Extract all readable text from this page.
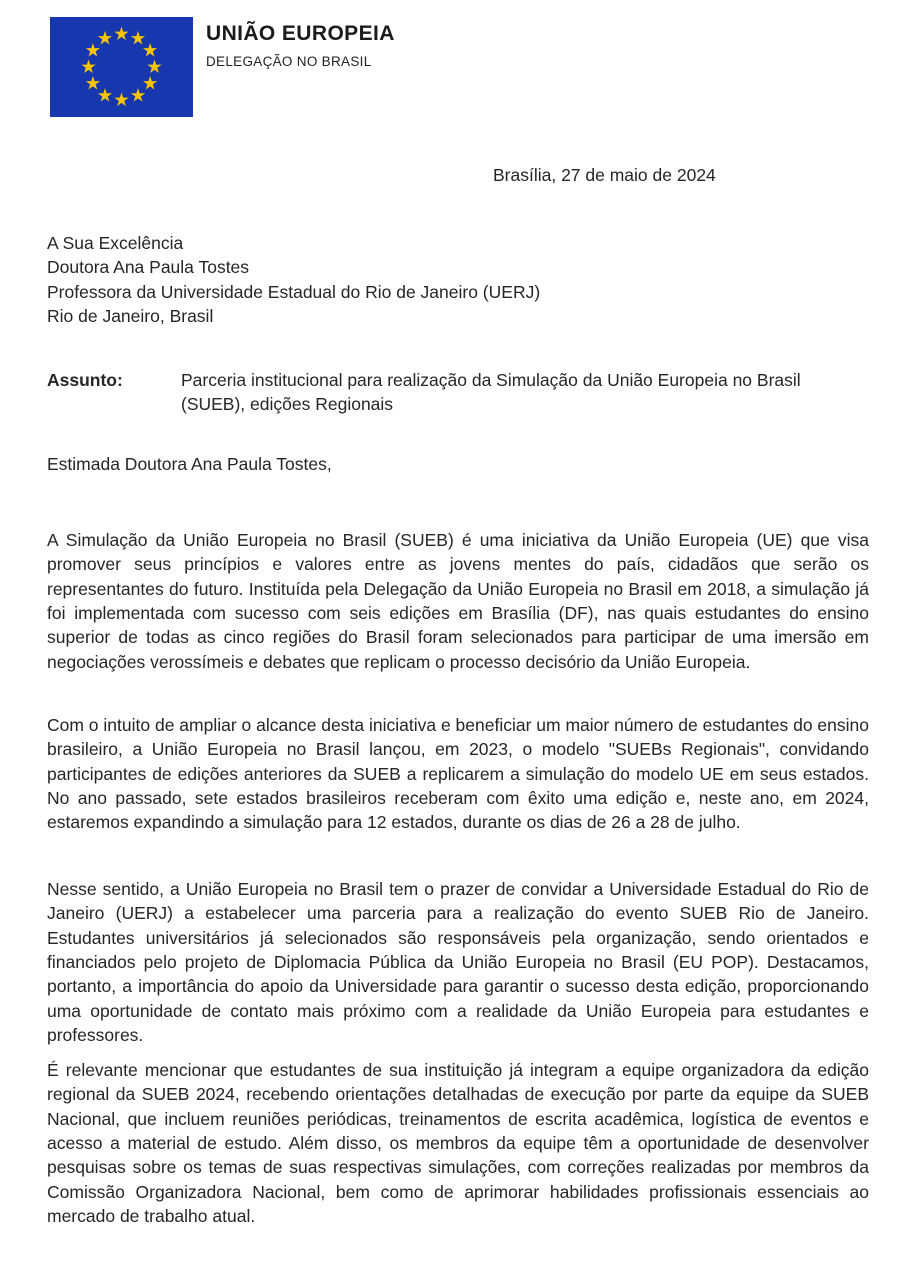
UNIÃO EUROPEIA
DELEGAÇÃO NO BRASIL
Brasília, 27 de maio de 2024
A Sua Excelência
Doutora Ana Paula Tostes
Professora da Universidade Estadual do Rio de Janeiro (UERJ)
Rio de Janeiro, Brasil
Assunto:	Parceria institucional para realização da Simulação da União Europeia no Brasil (SUEB), edições Regionais
Estimada Doutora Ana Paula Tostes,

A Simulação da União Europeia no Brasil (SUEB) é uma iniciativa da União Europeia (UE) que visa promover seus princípios e valores entre as jovens mentes do país, cidadãos que serão os representantes do futuro. Instituída pela Delegação da União Europeia no Brasil em 2018, a simulação já foi implementada com sucesso com seis edições em Brasília (DF), nas quais estudantes do ensino superior de todas as cinco regiões do Brasil foram selecionados para participar de uma imersão em negociações verossímeis e debates que replicam o processo decisório da União Europeia.

Com o intuito de ampliar o alcance desta iniciativa e beneficiar um maior número de estudantes do ensino brasileiro, a União Europeia no Brasil lançou, em 2023, o modelo "SUEBs Regionais", convidando participantes de edições anteriores da SUEB a replicarem a simulação do modelo UE em seus estados. No ano passado, sete estados brasileiros receberam com êxito uma edição e, neste ano, em 2024, estaremos expandindo a simulação para 12 estados, durante os dias de 26 a 28 de julho.

Nesse sentido, a União Europeia no Brasil tem o prazer de convidar a Universidade Estadual do Rio de Janeiro (UERJ) a estabelecer uma parceria para a realização do evento SUEB Rio de Janeiro. Estudantes universitários já selecionados são responsáveis pela organização, sendo orientados e financiados pelo projeto de Diplomacia Pública da União Europeia no Brasil (EU POP). Destacamos, portanto, a importância do apoio da Universidade para garantir o sucesso desta edição, proporcionando uma oportunidade de contato mais próximo com a realidade da União Europeia para estudantes e professores.

É relevante mencionar que estudantes de sua instituição já integram a equipe organizadora da edição regional da SUEB 2024, recebendo orientações detalhadas de execução por parte da equipe da SUEB Nacional, que incluem reuniões periódicas, treinamentos de escrita acadêmica, logística de eventos e acesso a material de estudo. Além disso, os membros da equipe têm a oportunidade de desenvolver pesquisas sobre os temas de suas respectivas simulações, com correções realizadas por membros da Comissão Organizadora Nacional, bem como de aprimorar habilidades profissionais essenciais ao mercado de trabalho atual.
